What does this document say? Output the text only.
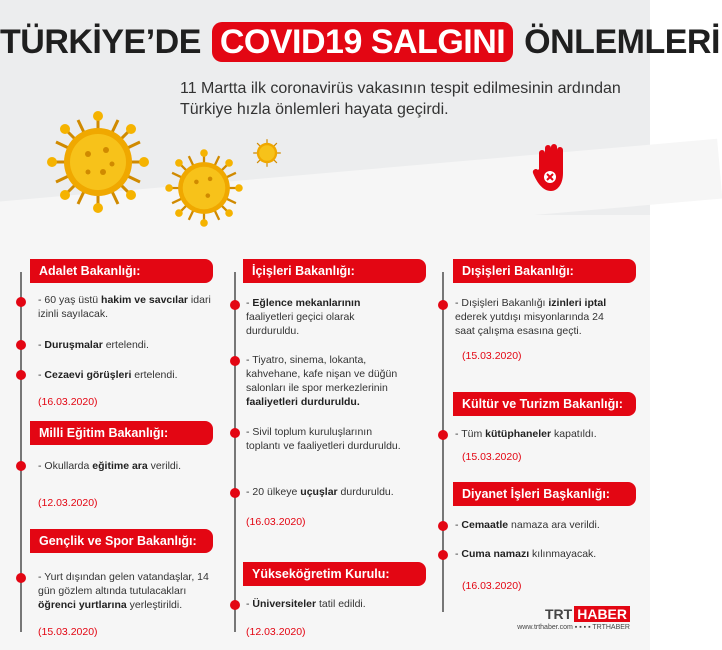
TÜRKİYE’DE COVID19 SALGINI ÖNLEMLERİ
11 Martta ilk coronavirüs vakasının tespit edilmesinin ardından Türkiye hızla önlemleri hayata geçirdi.
Adalet Bakanlığı:
- 60 yaş üstü hakim ve savcılar idari izinli sayılacak.
- Duruşmalar ertelendi.
- Cezaevi görüşleri ertelendi.
(16.03.2020)
Milli Eğitim Bakanlığı:
- Okullarda eğitime ara verildi.
(12.03.2020)
Gençlik ve Spor Bakanlığı:
- Yurt dışından gelen vatandaşlar, 14 gün gözlem altında tutulacakları öğrenci yurtlarına yerleştirildi.
(15.03.2020)
İçişleri Bakanlığı:
- Eğlence mekanlarının faaliyetleri geçici olarak durduruldu.
- Tiyatro, sinema, lokanta, kahvehane, kafe nişan ve düğün salonları ile spor merkezlerinin faaliyetleri durduruldu.
- Sivil toplum kuruluşlarının toplantı ve faaliyetleri durduruldu.
- 20 ülkeye uçuşlar durduruldu.
(16.03.2020)
Yükseköğretim Kurulu:
- Üniversiteler tatil edildi.
(12.03.2020)
Dışişleri Bakanlığı:
- Dışişleri Bakanlığı izinleri iptal ederek yutdışı misyonlarında 24 saat çalışma esasına geçti.
(15.03.2020)
Kültür ve Turizm Bakanlığı:
- Tüm kütüphaneler kapatıldı.
(15.03.2020)
Diyanet İşleri Başkanlığı:
- Cemaatle namaza ara verildi.
- Cuma namazı kılınmayacak.
(16.03.2020)
TRT HABER
www.trthaber.com ▪ ▪ ▪ ▪ TRTHABER
